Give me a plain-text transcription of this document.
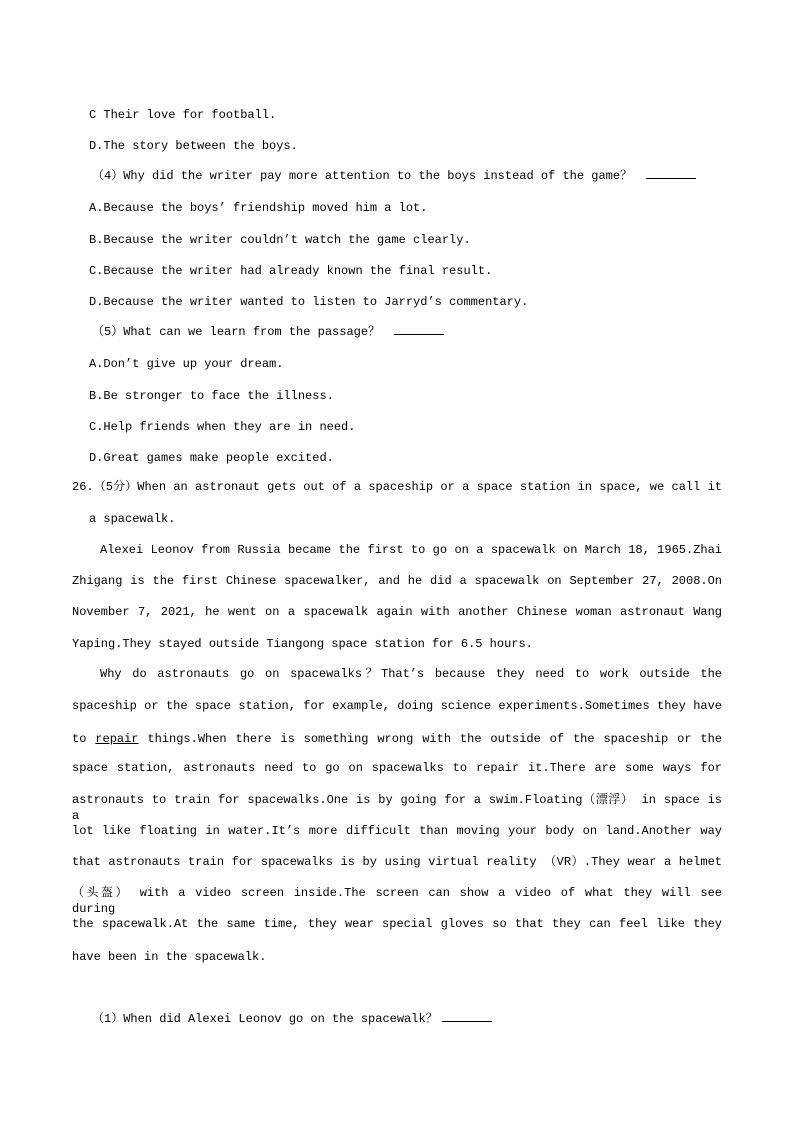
C Their love for football.
D.The story between the boys.
（4）Why did the writer pay more attention to the boys instead of the game？
A.Because the boys’ friendship moved him a lot.
B.Because the writer couldn’t watch the game clearly.
C.Because the writer had already known the final result.
D.Because the writer wanted to listen to Jarryd’s commentary.
（5）What can we learn from the passage？
A.Don’t give up your dream.
B.Be stronger to face the illness.
C.Help friends when they are in need.
D.Great games make people excited.
26.（5分）When an astronaut gets out of a spaceship or a space station in space, we call it
a spacewalk.
Alexei Leonov from Russia became the first to go on a spacewalk on March 18, 1965.Zhai
Zhigang is the first Chinese spacewalker, and he did a spacewalk on September 27, 2008.On
November 7, 2021, he went on a spacewalk again with another Chinese woman astronaut Wang
Yaping.They stayed outside Tiangong space station for 6.5 hours.
Why do astronauts go on spacewalks？That’s because they need to work outside the
spaceship or the space station, for example, doing science experiments.Sometimes they have
to repair things.When there is something wrong with the outside of the spaceship or the
space station, astronauts need to go on spacewalks to repair it.There are some ways for
astronauts to train for spacewalks.One is by going for a swim.Floating（漂浮） in space is a
lot like floating in water.It’s more difficult than moving your body on land.Another way
that astronauts train for spacewalks is by using virtual reality （VR）.They wear a helmet
（头盔） with a video screen inside.The screen can show a video of what they will see during
the spacewalk.At the same time, they wear special gloves so that they can feel like they
have been in the spacewalk.
（1）When did Alexei Leonov go on the spacewalk？
